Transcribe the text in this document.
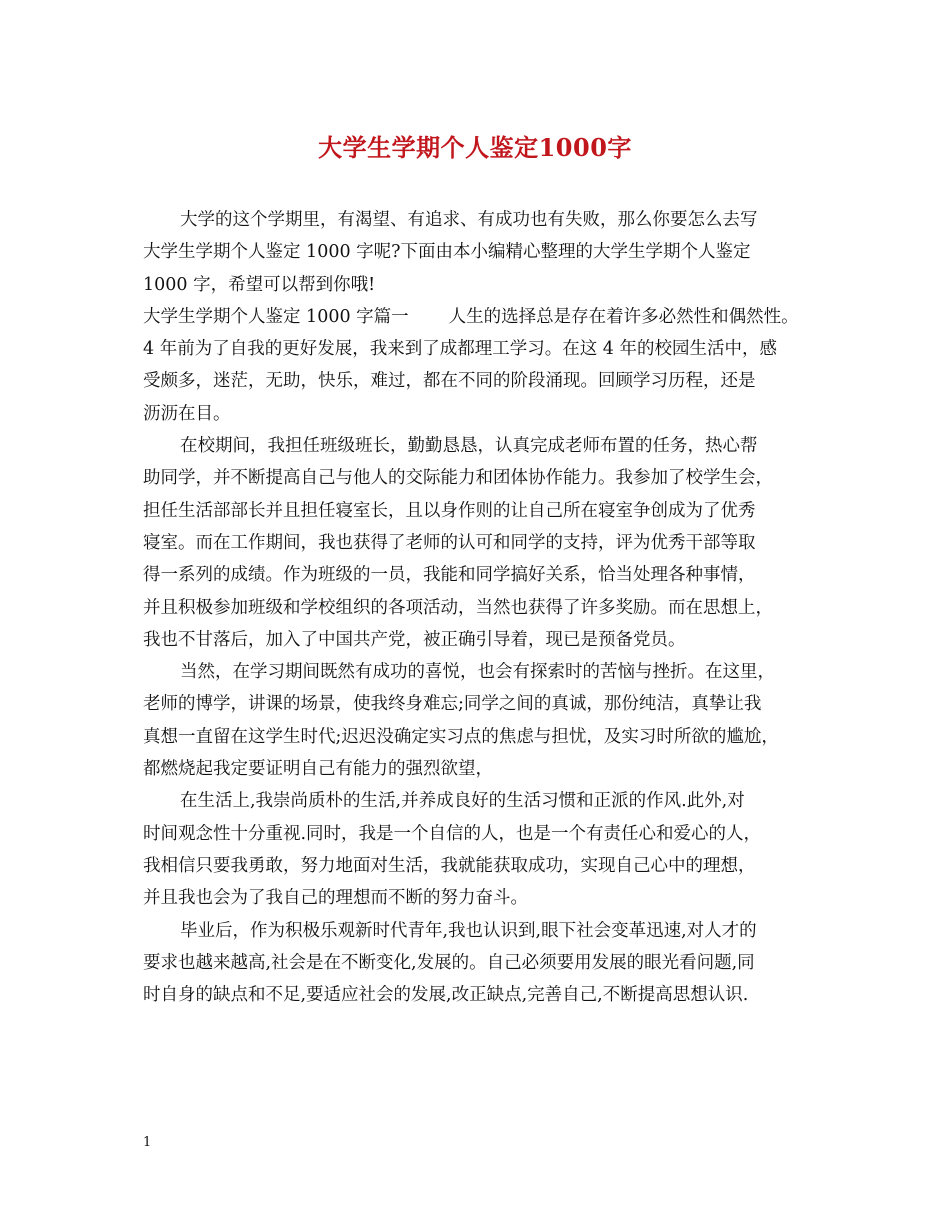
大学生学期个人鉴定1000字
大学的这个学期里，有渴望、有追求、有成功也有失败，那么你要怎么去写
大学生学期个人鉴定 1000 字呢?下面由本小编精心整理的大学生学期个人鉴定
1000 字，希望可以帮到你哦!
大学生学期个人鉴定 1000 字篇一 人生的选择总是存在着许多必然性和偶然性。
4 年前为了自我的更好发展，我来到了成都理工学习。在这 4 年的校园生活中，感
受颇多，迷茫，无助，快乐，难过，都在不同的阶段涌现。回顾学习历程，还是
沥沥在目。
在校期间，我担任班级班长，勤勤恳恳，认真完成老师布置的任务，热心帮
助同学，并不断提高自己与他人的交际能力和团体协作能力。我参加了校学生会，
担任生活部部长并且担任寝室长，且以身作则的让自己所在寝室争创成为了优秀
寝室。而在工作期间，我也获得了老师的认可和同学的支持，评为优秀干部等取
得一系列的成绩。作为班级的一员，我能和同学搞好关系，恰当处理各种事情，
并且积极参加班级和学校组织的各项活动，当然也获得了许多奖励。而在思想上，
我也不甘落后，加入了中国共产党，被正确引导着，现已是预备党员。
当然，在学习期间既然有成功的喜悦，也会有探索时的苦恼与挫折。在这里，
老师的博学，讲课的场景，使我终身难忘;同学之间的真诚，那份纯洁，真挚让我
真想一直留在这学生时代;迟迟没确定实习点的焦虑与担忧，及实习时所欲的尴尬，
都燃烧起我定要证明自己有能力的强烈欲望，
在生活上,我崇尚质朴的生活,并养成良好的生活习惯和正派的作风.此外,对
时间观念性十分重视.同时，我是一个自信的人，也是一个有责任心和爱心的人，
我相信只要我勇敢，努力地面对生活，我就能获取成功，实现自己心中的理想，
并且我也会为了我自己的理想而不断的努力奋斗。
毕业后，作为积极乐观新时代青年,我也认识到,眼下社会变革迅速,对人才的
要求也越来越高,社会是在不断变化,发展的。自己必须要用发展的眼光看问题,同
时自身的缺点和不足,要适应社会的发展,改正缺点,完善自己,不断提高思想认识.
1
